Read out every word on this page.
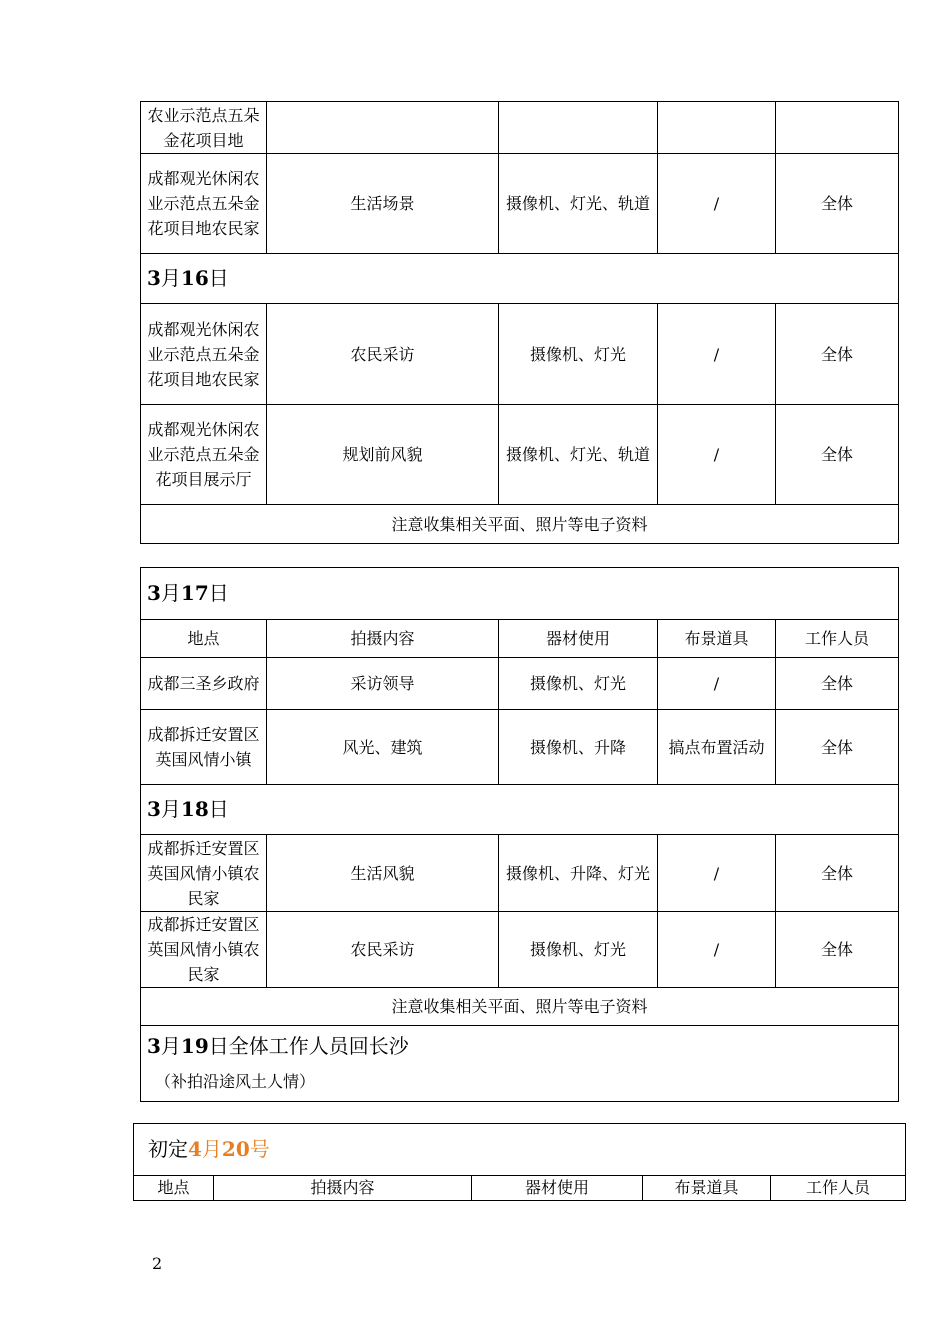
农业示范点五朵金花项目地				
成都观光休闲农业示范点五朵金花项目地农民家	生活场景	摄像机、灯光、轨道	/	全体
3月16日				
成都观光休闲农业示范点五朵金花项目地农民家	农民采访	摄像机、灯光	/	全体
成都观光休闲农业示范点五朵金花项目展示厅	规划前风貌	摄像机、灯光、轨道	/	全体
注意收集相关平面、照片等电子资料				
3月17日				
地点	拍摄内容	器材使用	布景道具	工作人员
成都三圣乡政府	采访领导	摄像机、灯光	/	全体
成都拆迁安置区英国风情小镇	风光、建筑	摄像机、升降	搞点布置活动	全体
3月18日				
成都拆迁安置区英国风情小镇农民家	生活风貌	摄像机、升降、灯光	/	全体
成都拆迁安置区英国风情小镇农民家	农民采访	摄像机、灯光	/	全体
注意收集相关平面、照片等电子资料				
3月19日全体工作人员回长沙
（补拍沿途风土人情）				
初定4月20号
地点	拍摄内容	器材使用	布景道具	工作人员
2
